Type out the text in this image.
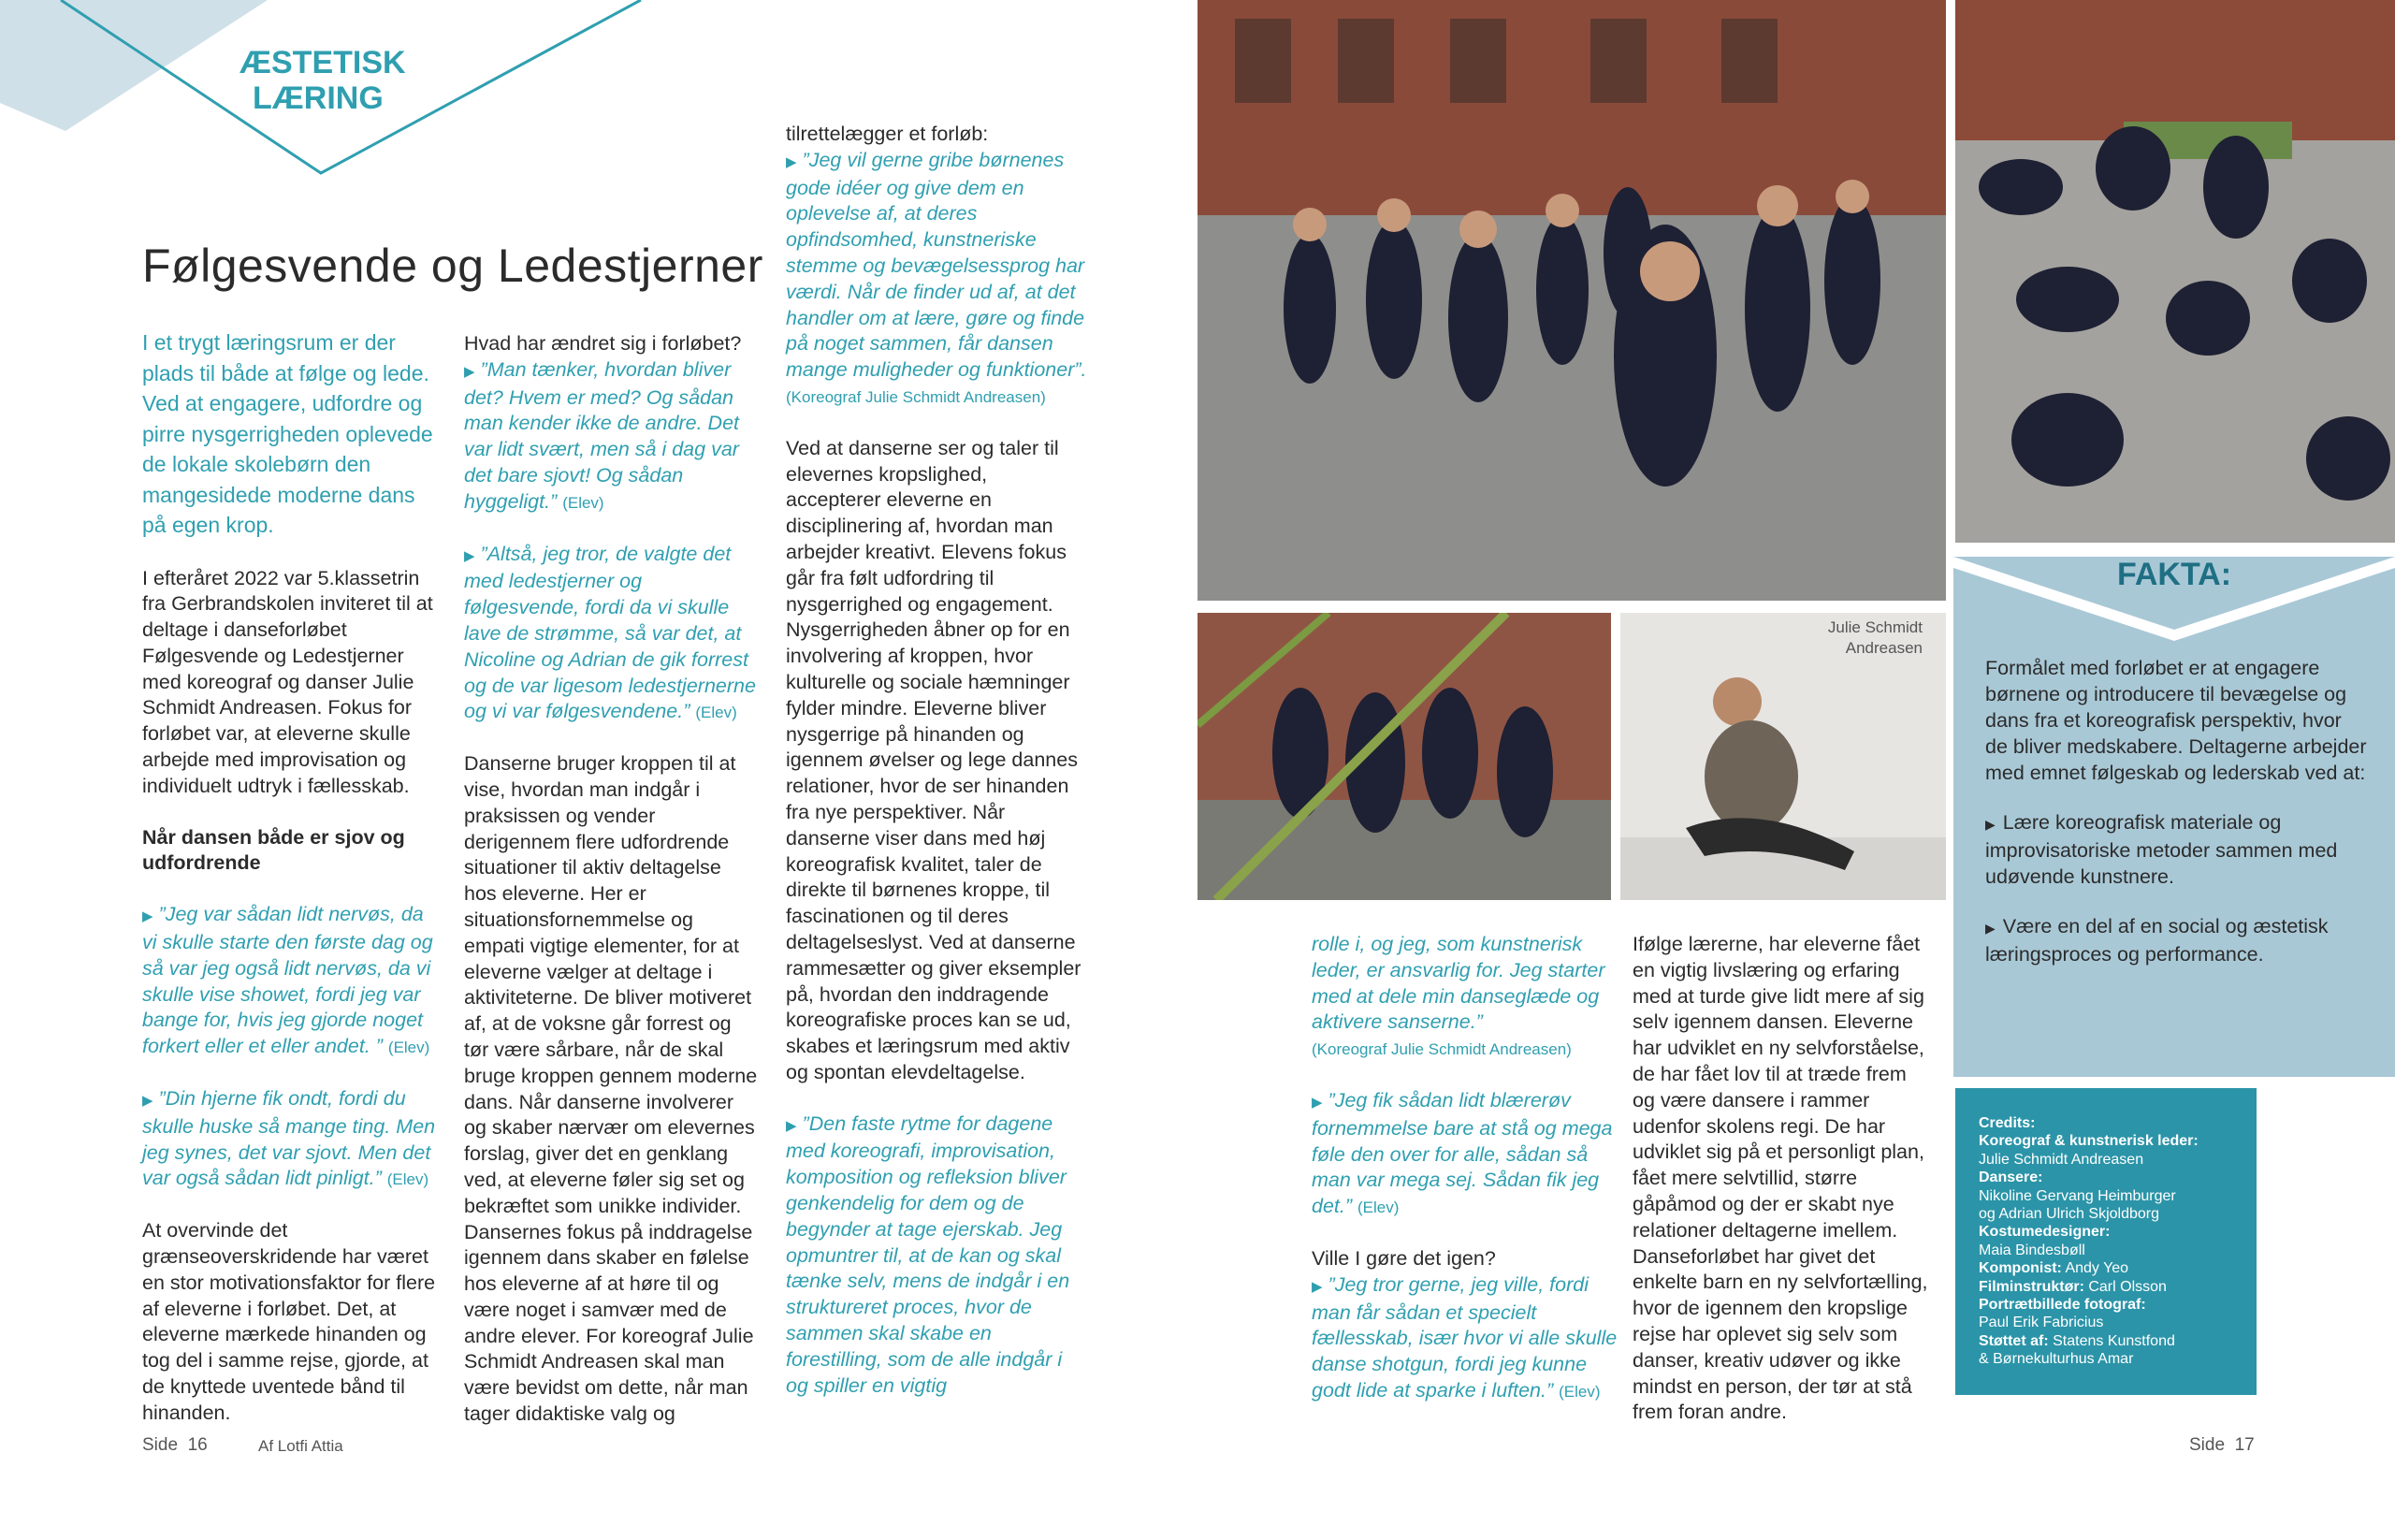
ÆSTETISK
LÆRING
Følgesvende og Ledestjerner

I et trygt læringsrum er der plads til både at følge og lede. Ved at engagere, udfordre og pirre nysgerrigheden oplevede de lokale skolebørn den mangesidede moderne dans på egen krop.

I efteråret 2022 var 5.klassetrin fra Gerbrandskolen inviteret til at deltage i danseforløbet Følgesvende og Ledestjerner med koreograf og danser Julie Schmidt Andreasen. Fokus for forløbet var, at eleverne skulle arbejde med improvisation og individuelt udtryk i fællesskab.

Når dansen både er sjov og udfordrende

▶ ”Jeg var sådan lidt nervøs, da vi skulle starte den første dag og så var jeg også lidt nervøs, da vi skulle vise showet, fordi jeg var bange for, hvis jeg gjorde noget forkert eller et eller andet. ” (Elev)

▶ ”Din hjerne fik ondt, fordi du skulle huske så mange ting. Men jeg synes, det var sjovt. Men det var også sådan lidt pinligt.” (Elev)

At overvinde det grænseoverskridende har været en stor motivationsfaktor for flere af eleverne i forløbet. Det, at eleverne mærkede hinanden og tog del i samme rejse, gjorde, at de knyttede uventede bånd til hinanden.

Hvad har ændret sig i forløbet?

▶ ”Man tænker, hvordan bliver det? Hvem er med? Og sådan man kender ikke de andre. Det var lidt svært, men så i dag var det bare sjovt! Og sådan hyggeligt.” (Elev)

▶ ”Altså, jeg tror, de valgte det med ledestjerner og følgesvende, fordi da vi skulle lave de strømme, så var det, at Nicoline og Adrian de gik forrest og de var ligesom ledestjernerne og vi var følgesvendene.” (Elev)

Danserne bruger kroppen til at vise, hvordan man indgår i praksissen og vender derigennem flere udfordrende situationer til aktiv deltagelse hos eleverne. Her er situationsfornemmelse og empati vigtige elementer, for at eleverne vælger at deltage i aktiviteterne. De bliver motiveret af, at de voksne går forrest og tør være sårbare, når de skal bruge kroppen gennem moderne dans. Når danserne involverer og skaber nærvær om elevernes forslag, giver det en genklang ved, at eleverne føler sig set og bekræftet som unikke individer. Dansernes fokus på inddragelse igennem dans skaber en følelse hos eleverne af at høre til og være noget i samvær med de andre elever. For koreograf Julie Schmidt Andreasen skal man være bevidst om dette, når man tager didaktiske valg og

tilrettelægger et forløb:

▶ ”Jeg vil gerne gribe børnenes gode idéer og give dem en oplevelse af, at deres opfindsomhed, kunstneriske stemme og bevægelsessprog har værdi. Når de finder ud af, at det handler om at lære, gøre og finde på noget sammen, får dansen mange muligheder og funktioner”.
(Koreograf Julie Schmidt Andreasen)

Ved at danserne ser og taler til elevernes kropslighed, accepterer eleverne en disciplinering af, hvordan man arbejder kreativt. Elevens fokus går fra følt udfordring til nysgerrighed og engagement. Nysgerrigheden åbner op for en involvering af kroppen, hvor kulturelle og sociale hæmninger fylder mindre. Eleverne bliver nysgerrige på hinanden og igennem øvelser og lege dannes relationer, hvor de ser hinanden fra nye perspektiver. Når danserne viser dans med høj koreografisk kvalitet, taler de direkte til børnenes kroppe, til fascinationen og til deres deltagelseslyst. Ved at danserne rammesætter og giver eksempler på, hvordan den inddragende koreografiske proces kan se ud, skabes et læringsrum med aktiv og spontan elevdeltagelse.

▶ ”Den faste rytme for dagene med koreografi, improvisation, komposition og refleksion bliver genkendelig for dem og de begynder at tage ejerskab. Jeg opmuntrer til, at de kan og skal tænke selv, mens de indgår i en struktureret proces, hvor de sammen skal skabe en forestilling, som de alle indgår i og spiller en vigtig

Julie Schmidt
Andreasen

rolle i, og jeg, som kunstnerisk leder, er ansvarlig for. Jeg starter med at dele min danseglæde og aktivere sanserne.”
(Koreograf Julie Schmidt Andreasen)

▶ ”Jeg fik sådan lidt blærerøv fornemmelse bare at stå og mega føle den over for alle, sådan så man var mega sej. Sådan fik jeg det.” (Elev)

Ville I gøre det igen?

▶ ”Jeg tror gerne, jeg ville, fordi man får sådan et specielt fællesskab, især hvor vi alle skulle danse shotgun, fordi jeg kunne godt lide at sparke i luften.” (Elev)

Ifølge lærerne, har eleverne fået en vigtig livslæring og erfaring med at turde give lidt mere af sig selv igennem dansen. Eleverne har udviklet en ny selvforståelse, de har fået lov til at træde frem og være dansere i rammer udenfor skolens regi. De har udviklet sig på et personligt plan, fået mere selvtillid, større gåpåmod og der er skabt nye relationer deltagerne imellem. Danseforløbet har givet det enkelte barn en ny selvfortælling, hvor de igennem den kropslige rejse har oplevet sig selv som danser, kreativ udøver og ikke mindst en person, der tør at stå frem foran andre.

FAKTA:

Formålet med forløbet er at engagere børnene og introducere til bevægelse og dans fra et koreografisk perspektiv, hvor de bliver medskabere. Deltagerne arbejder med emnet følgeskab og lederskab ved at:

▶ Lære koreografisk materiale og improvisatoriske metoder sammen med udøvende kunstnere.

▶ Være en del af en social og æstetisk læringsproces og performance.

Credits:
Koreograf & kunstnerisk leder:
Julie Schmidt Andreasen
Dansere:
Nikoline Gervang Heimburger
og Adrian Ulrich Skjoldborg
Kostumedesigner:
Maia Bindesbøll
Komponist: Andy Yeo
Filminstruktør: Carl Olsson
Portrætbillede fotograf:
Paul Erik Fabricius
Støttet af: Statens Kunstfond
& Børnekulturhus Amar
Side  16	Af Lotfi Attia	Side  17
